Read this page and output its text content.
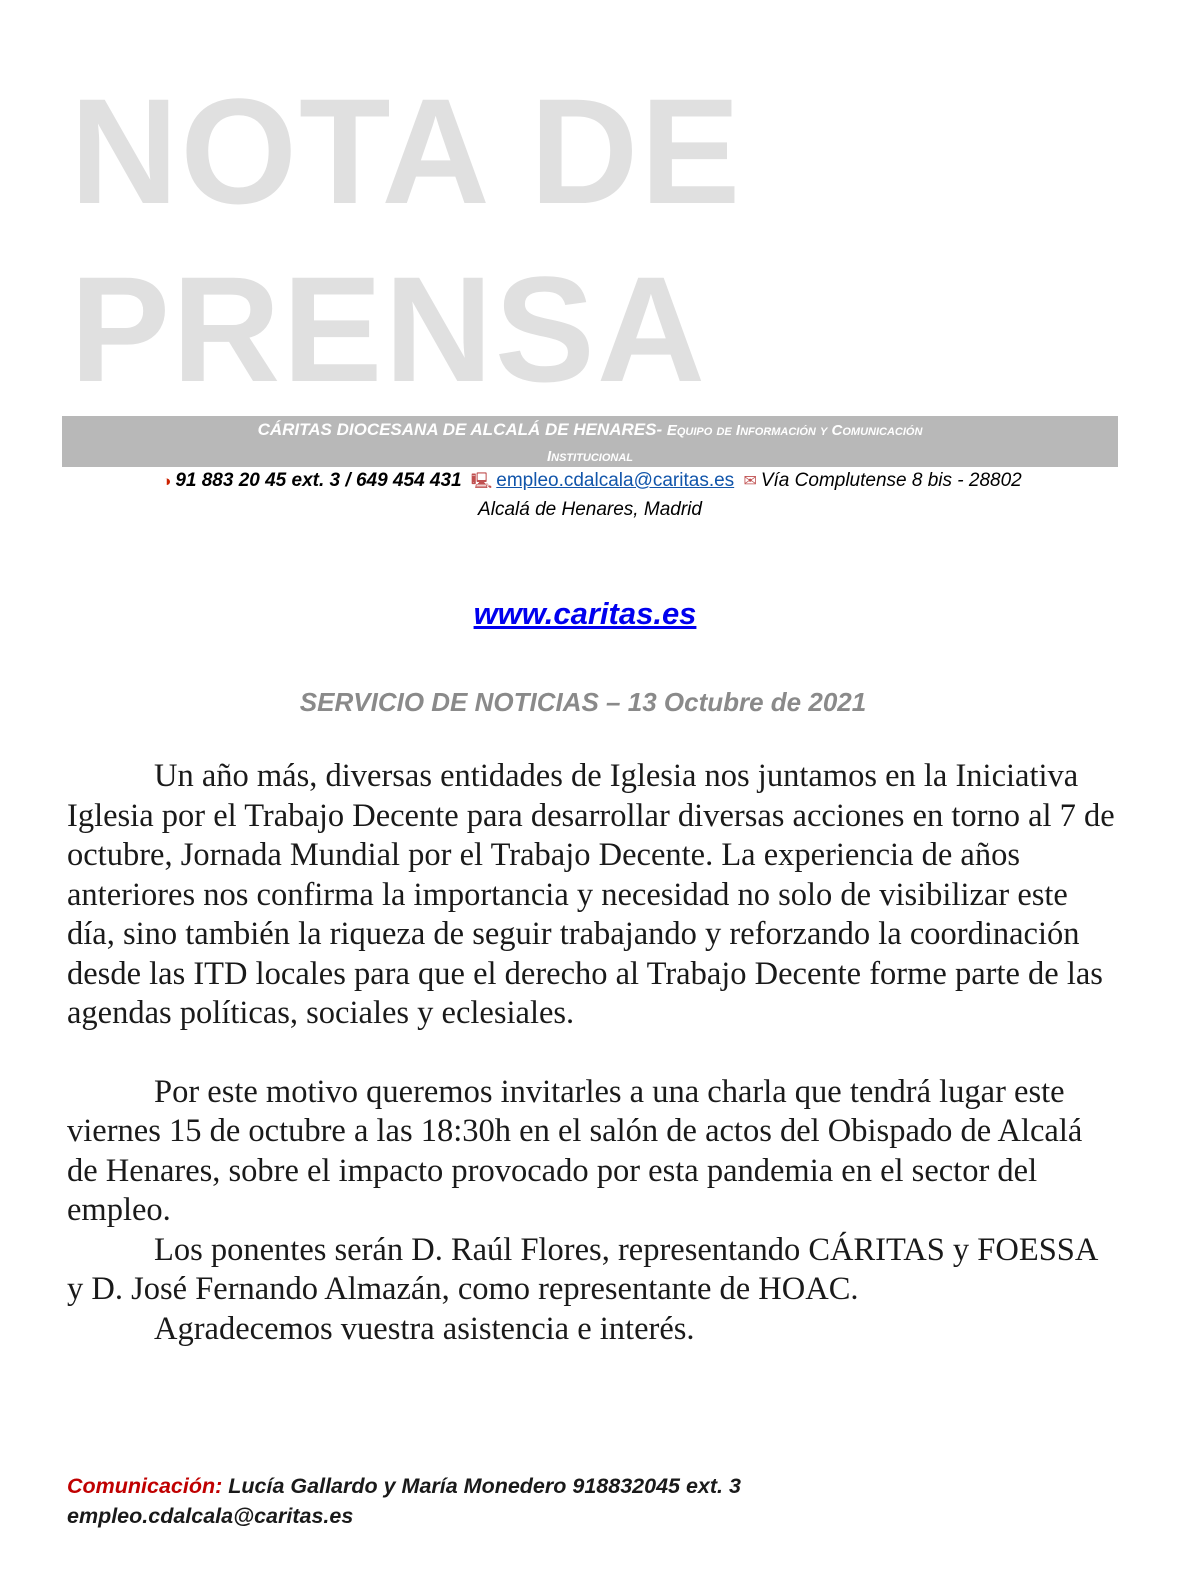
NOTA DE
PRENSA
CÁRITAS DIOCESANA DE ALCALÁ DE HENARES- Equipo de Información y Comunicación
Institucional
◑ 91 883 20 45 ext. 3 / 649 454 431 🖳 empleo.cdalcala@caritas.es ✉ Vía Complutense 8 bis - 28802
Alcalá de Henares, Madrid
www.caritas.es
SERVICIO DE NOTICIAS – 13 Octubre de 2021

Un año más, diversas entidades de Iglesia nos juntamos en la Iniciativa Iglesia por el Trabajo Decente para desarrollar diversas acciones en torno al 7 de octubre, Jornada Mundial por el Trabajo Decente. La experiencia de años anteriores nos confirma la importancia y necesidad no solo de visibilizar este día, sino también la riqueza de seguir trabajando y reforzando la coordinación desde las ITD locales para que el derecho al Trabajo Decente forme parte de las agendas políticas, sociales y eclesiales.

Por este motivo queremos invitarles a una charla que tendrá lugar este viernes 15 de octubre a las 18:30h en el salón de actos del Obispado de Alcalá de Henares, sobre el impacto provocado por esta pandemia en el sector del empleo.

Los ponentes serán D. Raúl Flores, representando CÁRITAS y FOESSA y D. José Fernando Almazán, como representante de HOAC.

Agradecemos vuestra asistencia e interés.

Comunicación: Lucía Gallardo y María Monedero 918832045 ext. 3
empleo.cdalcala@caritas.es
